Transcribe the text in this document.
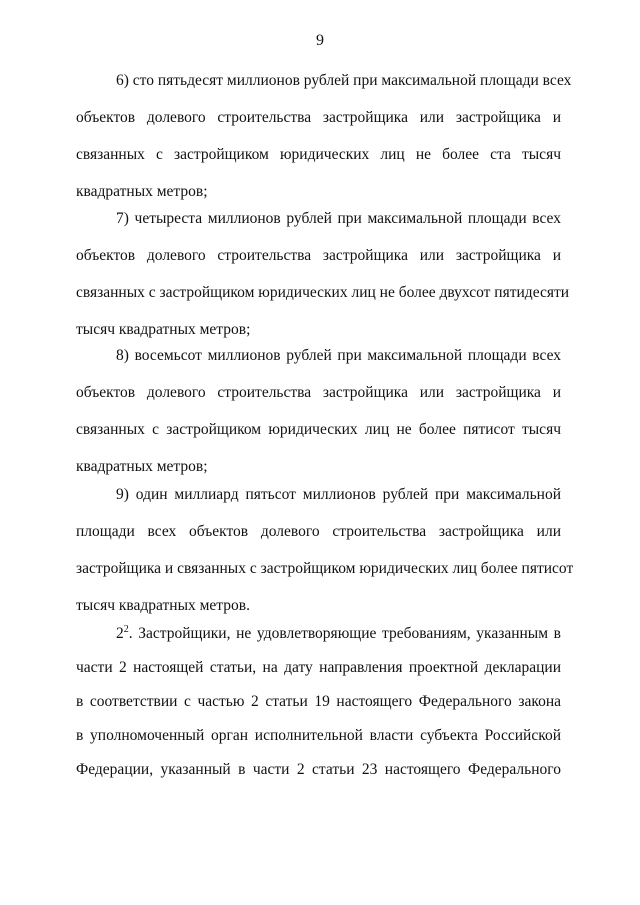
9
6) сто пятьдесят миллионов рублей при максимальной площади всех
объектов долевого строительства застройщика или застройщика и
связанных с застройщиком юридических лиц не более ста тысяч
квадратных метров;
7) четыреста миллионов рублей при максимальной площади всех
объектов долевого строительства застройщика или застройщика и
связанных с застройщиком юридических лиц не более двухсот пятидесяти
тысяч квадратных метров;
8) восемьсот миллионов рублей при максимальной площади всех
объектов долевого строительства застройщика или застройщика и
связанных с застройщиком юридических лиц не более пятисот тысяч
квадратных метров;
9) один миллиард пятьсот миллионов рублей при максимальной
площади всех объектов долевого строительства застройщика или
застройщика и связанных с застройщиком юридических лиц более пятисот
тысяч квадратных метров.
$2^2$. Застройщики, не удовлетворяющие требованиям, указанным в
части 2 настоящей статьи, на дату направления проектной декларации
в соответствии с частью 2 статьи 19 настоящего Федерального закона
в уполномоченный орган исполнительной власти субъекта Российской
Федерации, указанный в части 2 статьи 23 настоящего Федерального
